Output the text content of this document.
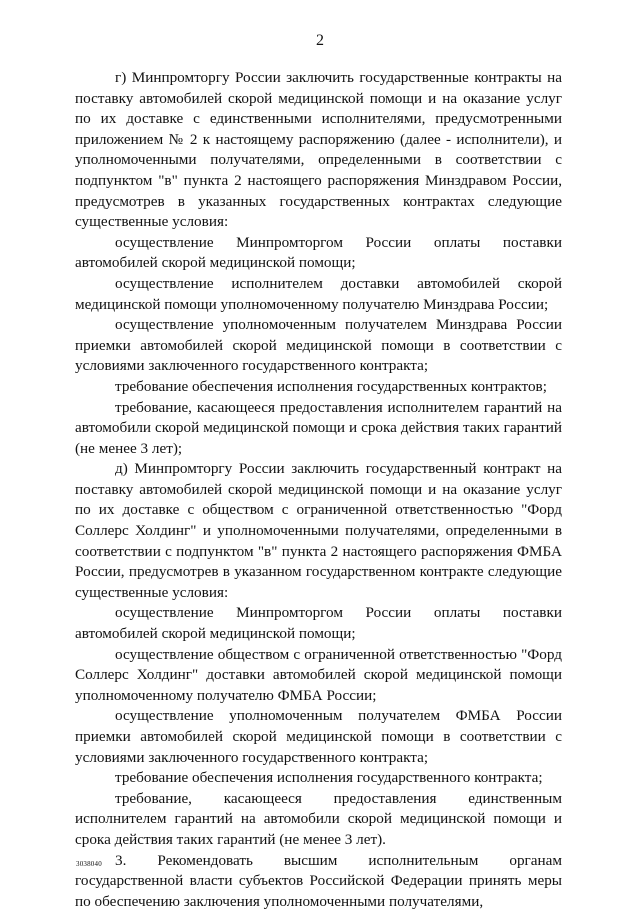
2

г) Минпромторгу России заключить государственные контракты на поставку автомобилей скорой медицинской помощи и на оказание услуг по их доставке с единственными исполнителями, предусмотренными приложением № 2 к настоящему распоряжению (далее - исполнители), и уполномоченными получателями, определенными в соответствии с подпунктом "в" пункта 2 настоящего распоряжения Минздравом России, предусмотрев в указанных государственных контрактах следующие существенные условия:

осуществление Минпромторгом России оплаты поставки автомобилей скорой медицинской помощи;

осуществление исполнителем доставки автомобилей скорой медицинской помощи уполномоченному получателю Минздрава России;

осуществление уполномоченным получателем Минздрава России приемки автомобилей скорой медицинской помощи в соответствии с условиями заключенного государственного контракта;

требование обеспечения исполнения государственных контрактов;

требование, касающееся предоставления исполнителем гарантий на автомобили скорой медицинской помощи и срока действия таких гарантий (не менее 3 лет);

д) Минпромторгу России заключить государственный контракт на поставку автомобилей скорой медицинской помощи и на оказание услуг по их доставке с обществом с ограниченной ответственностью "Форд Соллерс Холдинг" и уполномоченными получателями, определенными в соответствии с подпунктом "в" пункта 2 настоящего распоряжения ФМБА России, предусмотрев в указанном государственном контракте следующие существенные условия:

осуществление Минпромторгом России оплаты поставки автомобилей скорой медицинской помощи;

осуществление обществом с ограниченной ответственностью "Форд Соллерс Холдинг" доставки автомобилей скорой медицинской помощи уполномоченному получателю ФМБА России;

осуществление уполномоченным получателем ФМБА России приемки автомобилей скорой медицинской помощи в соответствии с условиями заключенного государственного контракта;

требование обеспечения исполнения государственного контракта;

требование, касающееся предоставления единственным исполнителем гарантий на автомобили скорой медицинской помощи и срока действия таких гарантий (не менее 3 лет).

3. Рекомендовать высшим исполнительным органам государственной власти субъектов Российской Федерации принять меры по обеспечению заключения уполномоченными получателями,

3038040
